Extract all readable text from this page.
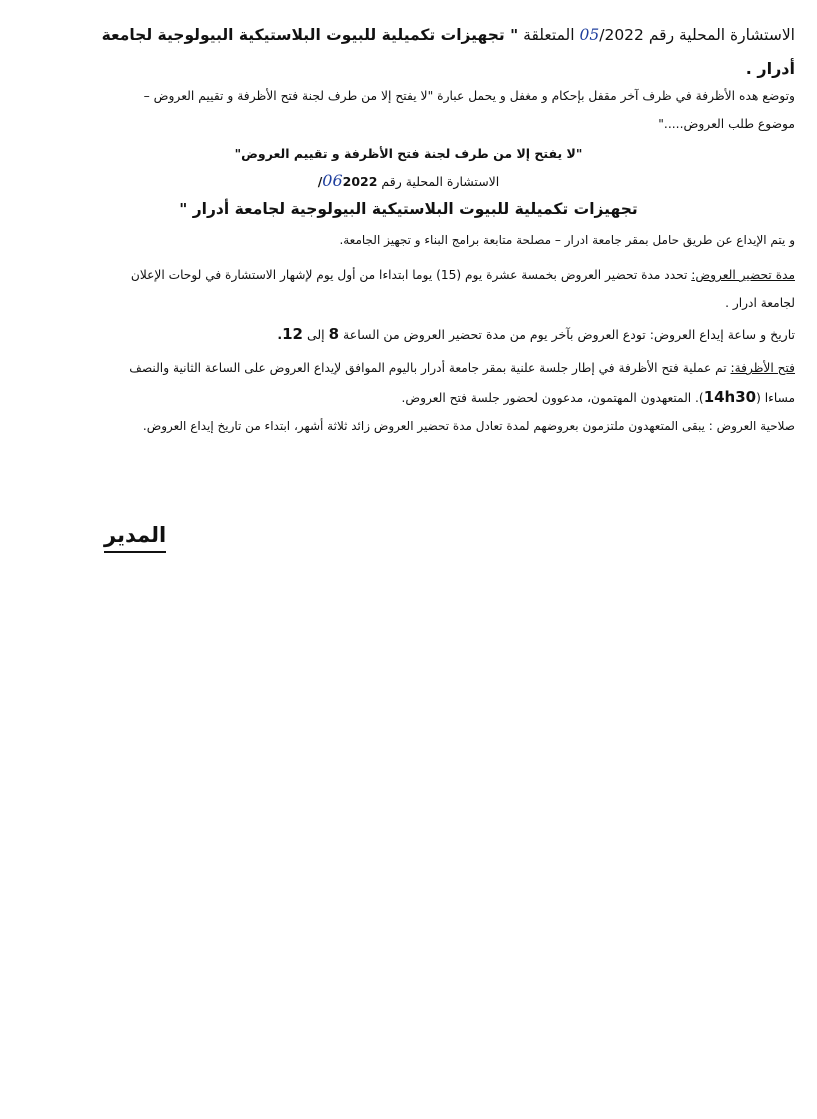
الاستشارة المحلية رقم 05/2022 المتعلقة " تجهيزات تكميلية للبيوت البلاستيكية البيولوجية لجامعة
أدرار .
وتوضع هده الأظرفة في ظرف آخر مقفل بإحكام و مغفل و يحمل عبارة "لا يفتح إلا من طرف لجنة فتح الأظرفة و تقييم العروض –
موضوع طلب العروض....."
"لا يفتح إلا من طرف لجنة فتح الأظرفة و تقييم العروض"
الاستشارة المحلية رقم 062022/
تجهيزات تكميلية للبيوت البلاستيكية البيولوجية لجامعة أدرار "
و يتم الإيداع عن طريق حامل بمقر جامعة ادرار – مصلحة متابعة برامج البناء و تجهيز الجامعة.
مدة تحضير العروض: تحدد مدة تحضير العروض بخمسة عشرة يوم (15) يوما ابتداءا من أول يوم لإشهار الاستشارة في لوحات الإعلان
لجامعة ادرار .
تاريخ و ساعة إيداع العروض: تودع العروض بآخر يوم من مدة تحضير العروض من الساعة 8 إلى 12.
فتح الأظرفة: تم عملية فتح الأظرفة في إطار جلسة علنية بمقر جامعة أدرار باليوم الموافق لإيداع العروض على الساعة الثانية والنصف
مساءا (14h30). المتعهدون المهتمون، مدعوون لحضور جلسة فتح العروض.
صلاحية العروض : يبقى المتعهدون ملتزمون بعروضهم لمدة تعادل مدة تحضير العروض زائد ثلاثة أشهر، ابتداء من تاريخ إيداع العروض.
المدير
